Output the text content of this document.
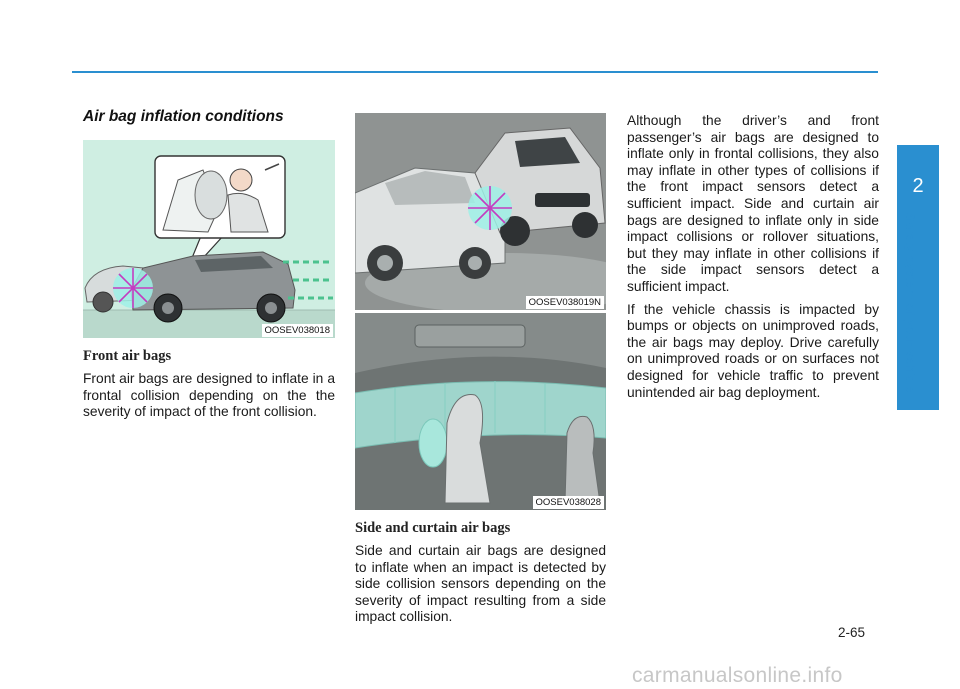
Air bag inflation conditions
OOSEV038018
Front air bags

Front air bags are designed to inflate in a frontal collision depending on the the severity of impact of the front collision.

OOSEV038019N
OOSEV038028
Side and curtain air bags

Side and curtain air bags are designed to inflate when an impact is detected by side collision sensors depending on the severity of impact resulting from a side impact collision.

Although the driver’s and front passenger’s air bags are designed to inflate only in frontal collisions, they also may inflate in other types of collisions if the front impact sensors detect a sufficient impact. Side and curtain air bags are designed to inflate only in side impact collisions or rollover situations, but they may inflate in other collisions if the side impact sensors detect a sufficient impact.

If the vehicle chassis is impacted by bumps or objects on unimproved roads, the air bags may deploy. Drive carefully on unimproved roads or on surfaces not designed for vehicle traffic to prevent unintended air bag deployment.

2
Safety system of your vehicle
2-65
carmanualsonline.info
